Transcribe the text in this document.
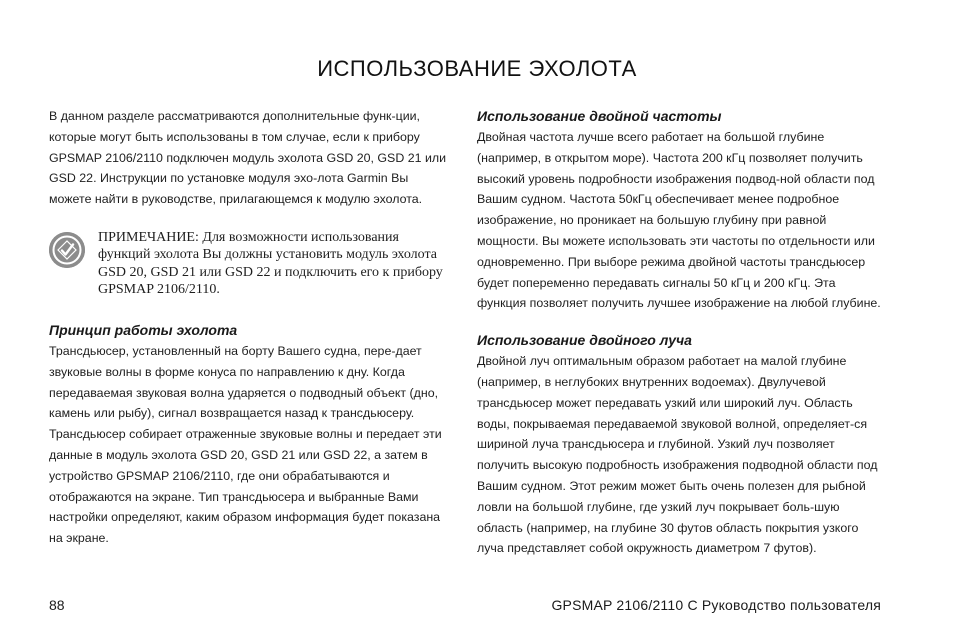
ИСПОЛЬЗОВАНИЕ ЭХОЛОТА

В данном разделе рассматриваются дополнительные функ-ции, которые могут быть использованы в том случае, если к прибору GPSMAP 2106/2110 подключен модуль эхолота GSD 20, GSD 21 или GSD 22. Инструкции по установке модуля эхо-лота Garmin Вы можете найти в руководстве, прилагающемся к модулю эхолота.

ПРИМЕЧАНИЕ: Для возможности использования функций эхолота Вы должны установить модуль эхолота GSD 20, GSD 21 или GSD 22 и подключить его к прибору GPSMAP 2106/2110.

Принцип работы эхолота

Трансдьюсер, установленный на борту Вашего судна, пере-дает звуковые волны в форме конуса по направлению к дну. Когда передаваемая звуковая волна ударяется о подводный объект (дно, камень или рыбу), сигнал возвращается назад к трансдьюсеру. Трансдьюсер собирает отраженные звуковые волны и передает эти данные в модуль эхолота GSD 20, GSD 21 или GSD 22, а затем в устройство GPSMAP 2106/2110, где они обрабатываются и отображаются на экране. Тип трансдьюсера и выбранные Вами настройки определяют, каким образом информация будет показана на экране.

Использование двойной частоты

Двойная частота лучше всего работает на большой глубине (например, в открытом море). Частота 200 кГц позволяет получить высокий уровень подробности изображения подвод-ной области под Вашим судном. Частота 50кГц обеспечивает менее подробное изображение, но проникает на большую глубину при равной мощности. Вы можете использовать эти частоты по отдельности или одновременно. При выборе режима двойной частоты трансдьюсер будет попеременно передавать сигналы 50 кГц и 200 кГц. Эта функция позволяет получить лучшее изображение на любой глубине.

Использование двойного луча

Двойной луч оптимальным образом работает на малой глубине (например, в неглубоких внутренних водоемах). Двулучевой трансдьюсер может передавать узкий или широкий луч. Область воды, покрываемая передаваемой звуковой волной, определяет-ся шириной луча трансдьюсера и глубиной. Узкий луч позволяет получить высокую подробность изображения подводной области под Вашим судном. Этот режим может быть очень полезен для рыбной ловли на большой глубине, где узкий луч покрывает боль-шую область (например, на глубине 30 футов область покрытия узкого луча представляет собой окружность диаметром 7 футов).

88	GPSMAP 2106/2110 C Руководство пользователя
